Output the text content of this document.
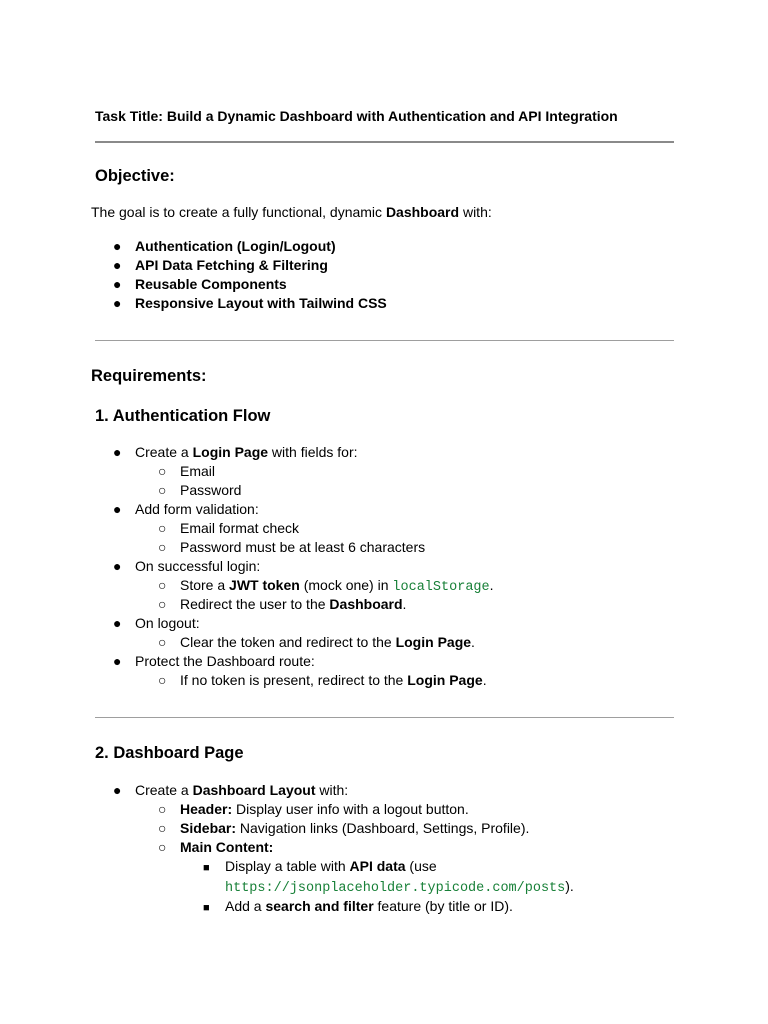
Task Title: Build a Dynamic Dashboard with Authentication and API Integration
Objective:
The goal is to create a fully functional, dynamic Dashboard with:
● Authentication (Login/Logout)
● API Data Fetching & Filtering
● Reusable Components
● Responsive Layout with Tailwind CSS
Requirements:
1. Authentication Flow
● Create a Login Page with fields for:
○ Email
○ Password
● Add form validation:
○ Email format check
○ Password must be at least 6 characters
● On successful login:
○ Store a JWT token (mock one) in localStorage.
○ Redirect the user to the Dashboard.
● On logout:
○ Clear the token and redirect to the Login Page.
● Protect the Dashboard route:
○ If no token is present, redirect to the Login Page.
2. Dashboard Page
● Create a Dashboard Layout with:
○ Header: Display user info with a logout button.
○ Sidebar: Navigation links (Dashboard, Settings, Profile).
○ Main Content:
■ Display a table with API data (use
https://jsonplaceholder.typicode.com/posts).
■ Add a search and filter feature (by title or ID).
